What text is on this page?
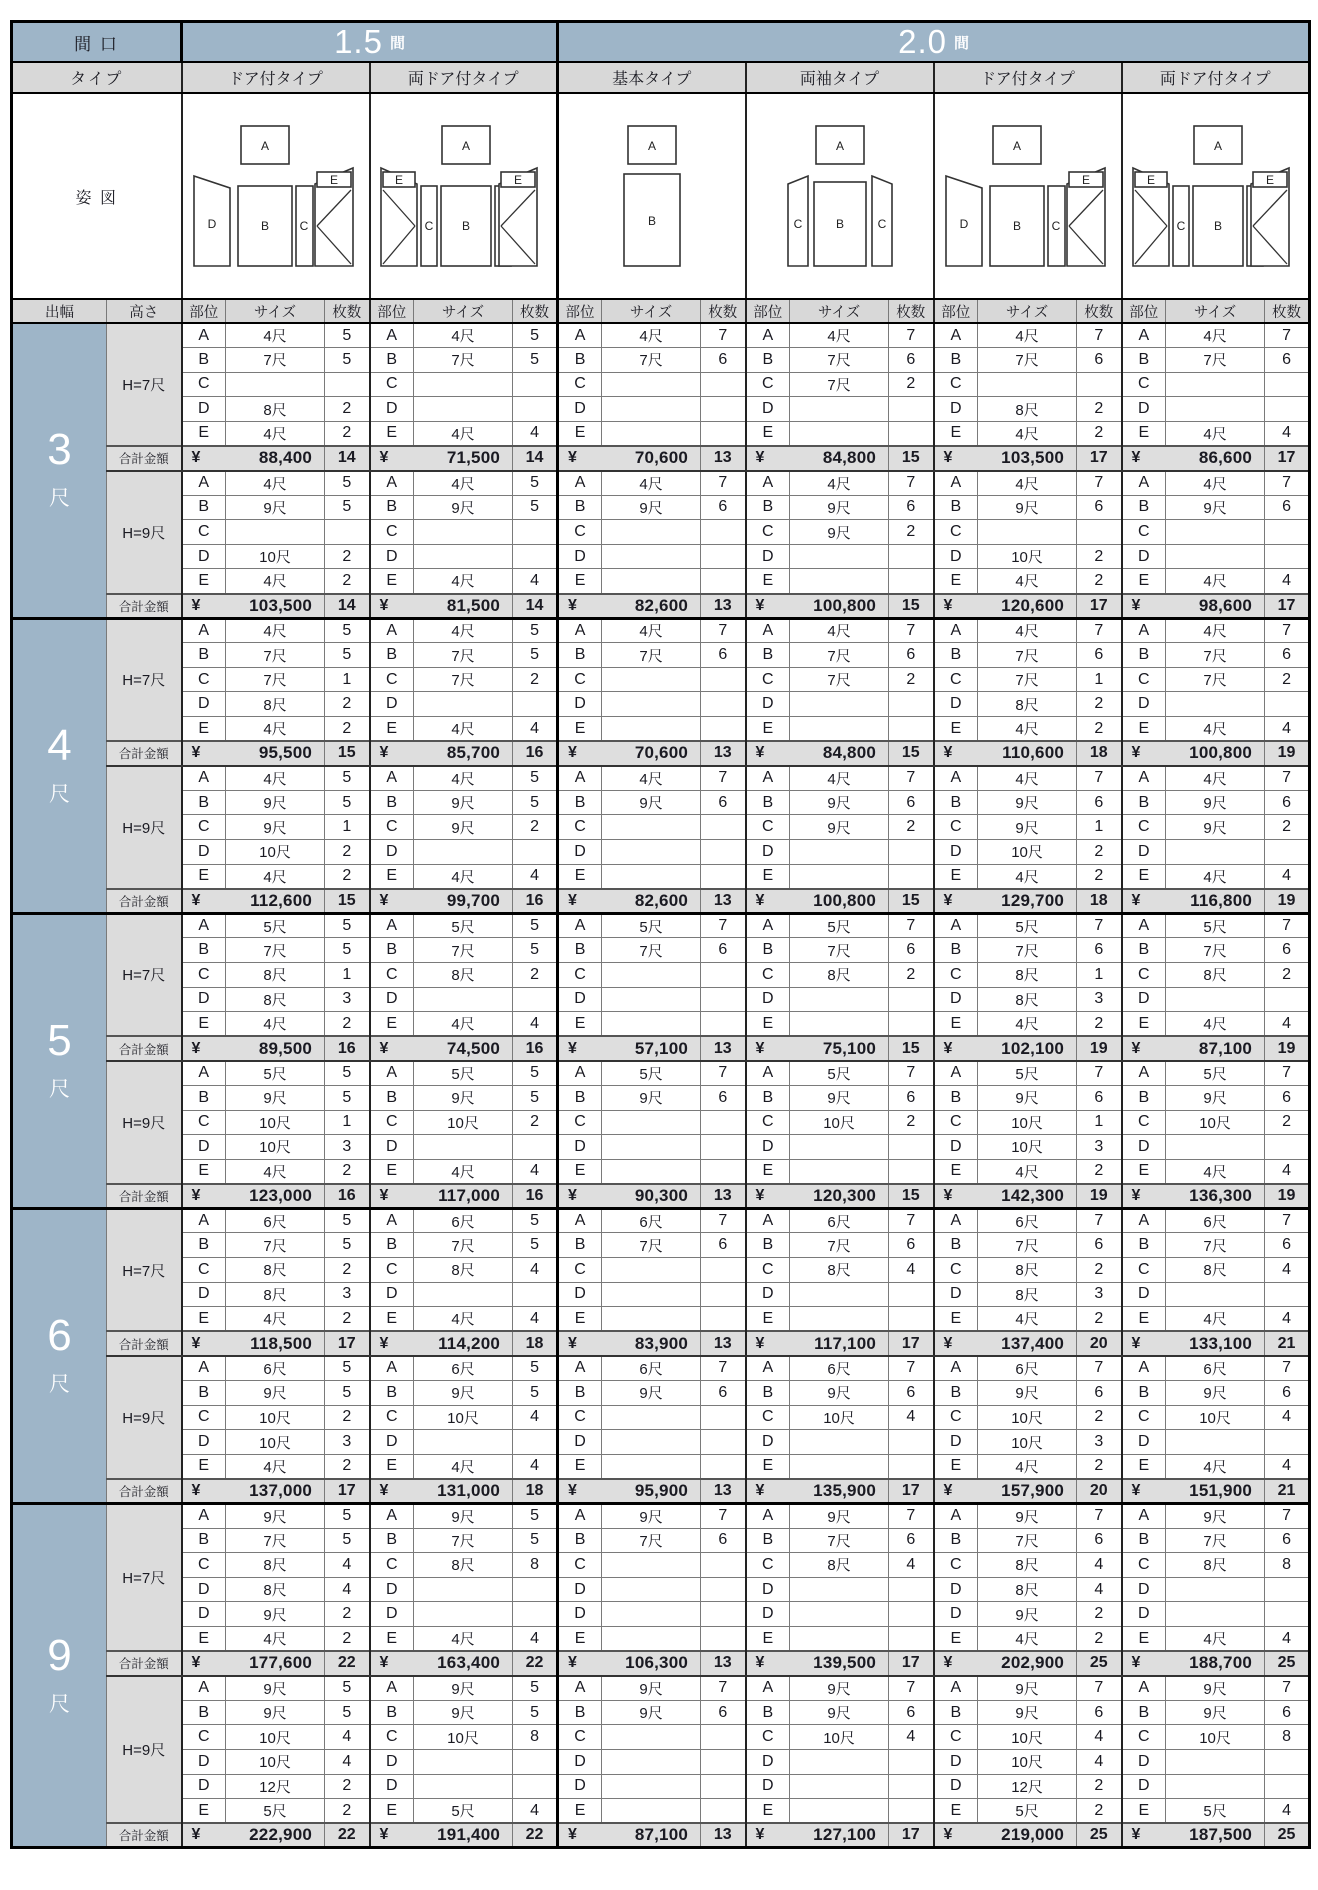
間 口		1.5 間						2.0 間											
タイプ		ドア付タイプ			両ドア付タイプ			基本タイプ			両袖タイプ			ドア付タイプ			両ドア付タイプ		
姿 図	
A
D	B	C
E

A
E
C B
E

A
B

A
C	B	C

A
D	B	C
E

A
E
C B
E

出幅	高さ	部位	サイズ	枚数	部位	サイズ	枚数	部位	サイズ	枚数	部位	サイズ	枚数	部位	サイズ	枚数	部位	サイズ	枚数

3
尺	H=7尺	A	4尺	5	A	4尺	5	A	4尺	7	A	4尺	7	A	4尺	7	A	4尺	7
		B	7尺	5	B	7尺	5	B	7尺	6	B	7尺	6	B	7尺	6	B	7尺	6
		C			C			C			C	7尺	2	C			C		
		D	8尺	2	D			D			D			D	8尺	2	D		
		E	4尺	2	E	4尺	4	E			E			E	4尺	2	E	4尺	4
	合計金額	¥ 88,400		14	¥ 71,500		14	¥ 70,600		13	¥ 84,800		15	¥ 103,500		17	¥ 86,600		17
	H=9尺	A	4尺	5	A	4尺	5	A	4尺	7	A	4尺	7	A	4尺	7	A	4尺	7
		B	9尺	5	B	9尺	5	B	9尺	6	B	9尺	6	B	9尺	6	B	9尺	6
		C			C			C			C	9尺	2	C			C		
		D	10尺	2	D			D			D			D	10尺	2	D		
		E	4尺	2	E	4尺	4	E			E			E	4尺	2	E	4尺	4
	合計金額	¥ 103,500		14	¥ 81,500		14	¥ 82,600		13	¥ 100,800		15	¥ 120,600		17	¥ 98,600		17

4
尺	H=7尺	A	4尺	5	A	4尺	5	A	4尺	7	A	4尺	7	A	4尺	7	A	4尺	7
		B	7尺	5	B	7尺	5	B	7尺	6	B	7尺	6	B	7尺	6	B	7尺	6
		C	7尺	1	C	7尺	2	C			C	7尺	2	C	7尺	1	C	7尺	2
		D	8尺	2	D			D			D			D	8尺	2	D		
		E	4尺	2	E	4尺	4	E			E			E	4尺	2	E	4尺	4
	合計金額	¥ 95,500		15	¥ 85,700		16	¥ 70,600		13	¥ 84,800		15	¥ 110,600		18	¥ 100,800		19
	H=9尺	A	4尺	5	A	4尺	5	A	4尺	7	A	4尺	7	A	4尺	7	A	4尺	7
		B	9尺	5	B	9尺	5	B	9尺	6	B	9尺	6	B	9尺	6	B	9尺	6
		C	9尺	1	C	9尺	2	C			C	9尺	2	C	9尺	1	C	9尺	2
		D	10尺	2	D			D			D			D	10尺	2	D		
		E	4尺	2	E	4尺	4	E			E			E	4尺	2	E	4尺	4
	合計金額	¥ 112,600		15	¥ 99,700		16	¥ 82,600		13	¥ 100,800		15	¥ 129,700		18	¥ 116,800		19

5
尺	H=7尺	A	5尺	5	A	5尺	5	A	5尺	7	A	5尺	7	A	5尺	7	A	5尺	7
		B	7尺	5	B	7尺	5	B	7尺	6	B	7尺	6	B	7尺	6	B	7尺	6
		C	8尺	1	C	8尺	2	C			C	8尺	2	C	8尺	1	C	8尺	2
		D	8尺	3	D			D			D			D	8尺	3	D		
		E	4尺	2	E	4尺	4	E			E			E	4尺	2	E	4尺	4
	合計金額	¥ 89,500		16	¥ 74,500		16	¥ 57,100		13	¥ 75,100		15	¥ 102,100		19	¥ 87,100		19
	H=9尺	A	5尺	5	A	5尺	5	A	5尺	7	A	5尺	7	A	5尺	7	A	5尺	7
		B	9尺	5	B	9尺	5	B	9尺	6	B	9尺	6	B	9尺	6	B	9尺	6
		C	10尺	1	C	10尺	2	C			C	10尺	2	C	10尺	1	C	10尺	2
		D	10尺	3	D			D			D			D	10尺	3	D		
		E	4尺	2	E	4尺	4	E			E			E	4尺	2	E	4尺	4
	合計金額	¥ 123,000		16	¥ 117,000		16	¥ 90,300		13	¥ 120,300		15	¥ 142,300		19	¥ 136,300		19

6
尺	H=7尺	A	6尺	5	A	6尺	5	A	6尺	7	A	6尺	7	A	6尺	7	A	6尺	7
		B	7尺	5	B	7尺	5	B	7尺	6	B	7尺	6	B	7尺	6	B	7尺	6
		C	8尺	2	C	8尺	4	C			C	8尺	4	C	8尺	2	C	8尺	4
		D	8尺	3	D			D			D			D	8尺	3	D		
		E	4尺	2	E	4尺	4	E			E			E	4尺	2	E	4尺	4
	合計金額	¥ 118,500		17	¥ 114,200		18	¥ 83,900		13	¥ 117,100		17	¥ 137,400		20	¥ 133,100		21
	H=9尺	A	6尺	5	A	6尺	5	A	6尺	7	A	6尺	7	A	6尺	7	A	6尺	7
		B	9尺	5	B	9尺	5	B	9尺	6	B	9尺	6	B	9尺	6	B	9尺	6
		C	10尺	2	C	10尺	4	C			C	10尺	4	C	10尺	2	C	10尺	4
		D	10尺	3	D			D			D			D	10尺	3	D		
		E	4尺	2	E	4尺	4	E			E			E	4尺	2	E	4尺	4
	合計金額	¥ 137,000		17	¥ 131,000		18	¥ 95,900		13	¥ 135,900		17	¥ 157,900		20	¥ 151,900		21

9
尺	H=7尺	A	9尺	5	A	9尺	5	A	9尺	7	A	9尺	7	A	9尺	7	A	9尺	7
		B	7尺	5	B	7尺	5	B	7尺	6	B	7尺	6	B	7尺	6	B	7尺	6
		C	8尺	4	C	8尺	8	C			C	8尺	4	C	8尺	4	C	8尺	8
		D	8尺	4	D			D			D			D	8尺	4	D		
		D	9尺	2	D			D			D			D	9尺	2	D		
		E	4尺	2	E	4尺	4	E			E			E	4尺	2	E	4尺	4
	合計金額	¥ 177,600		22	¥ 163,400		22	¥ 106,300		13	¥ 139,500		17	¥ 202,900		25	¥ 188,700		25
	H=9尺	A	9尺	5	A	9尺	5	A	9尺	7	A	9尺	7	A	9尺	7	A	9尺	7
		B	9尺	5	B	9尺	5	B	9尺	6	B	9尺	6	B	9尺	6	B	9尺	6
		C	10尺	4	C	10尺	8	C			C	10尺	4	C	10尺	4	C	10尺	8
		D	10尺	4	D			D			D			D	10尺	4	D		
		D	12尺	2	D			D			D			D	12尺	2	D		
		E	5尺	2	E	5尺	4	E			E			E	5尺	2	E	5尺	4
	合計金額	¥ 222,900		22	¥ 191,400		22	¥ 87,100		13	¥ 127,100		17	¥ 219,000		25	¥ 187,500		25
